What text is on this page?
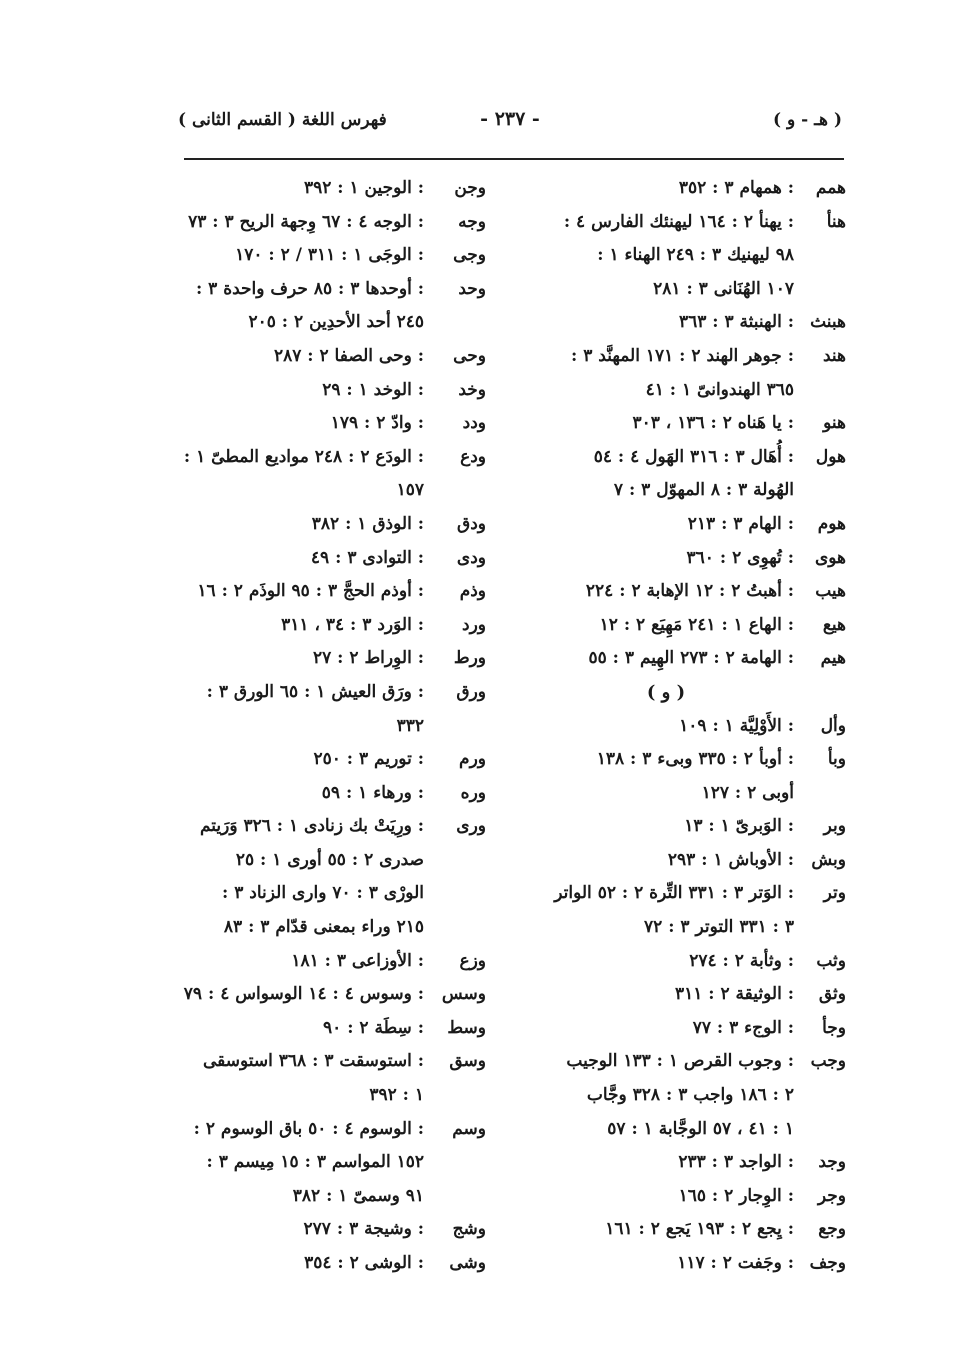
( هـ - و )
- ٢٣٧ -
فهرس اللغة ( القسم الثانى )
همم
: همهام ٣ : ٣٥٢
هنأ
: يهنأ ٢ : ١٦٤ ليهنئك الفارس ٤ :
٩٨ ليهنيك ٣ : ٢٤٩ الهناء ١ :
١٠٧ الهُنَانى ٣ : ٢٨١
هبنث
: الهنبثة ٣ : ٣٦٣
هند
: جوهر الهند ٢ : ١٧١ المهنَّد ٣ :
٣٦٥ الهندوانىّ ١ : ٤١
هنو
: يا هَناه ٢ : ١٣٦ ، ٣٠٣
هول
: أُهَال ٣ : ٣١٦ الهَول ٤ : ٥٤
الهُولة ٣ : ٨ المهوّل ٣ : ٧
هوم
: الهام ٣ : ٢١٣
هوى
: تُهوِى ٢ : ٣٦٠
هيب
: أهبتُ ٢ : ١٢ الإهابة ٢ : ٢٢٤
هيع
: الهاع ١ : ٢٤١ مَهِيَع ٢ : ١٢
هيم
: الهامة ٢ : ٢٧٣ الهِيم ٣ : ٥٥
( و )
وأل
: الأَوْلِيَّة ١ : ١٠٩
وبأ
: أوبأ ٢ : ٣٣٥ وبىء ٣ : ١٣٨
أوبى ٢ : ١٢٧
وبر
: الوَبرىّ ١ : ١٣
وبش
: الأوباش ١ : ٢٩٣
وتر
: الوَتر ٣ : ٣٣١ التِّرة ٢ : ٥٢ الواتر
٣ : ٣٣١ التوتر ٣ : ٧٢
وثب
: وثأبة ٢ : ٢٧٤
وثق
: الوثيقة ٢ : ٣١١
وجأ
: الوجء ٣ : ٧٧
وجب
: وجوب القرص ١ : ١٣٣ الوجيب
٢ : ١٨٦ واجب ٣ : ٣٢٨ وجَّاب
١ : ٤١ ، ٥٧ الوجَّابة ١ : ٥٧
وجد
: الواجد ٣ : ٢٣٣
وجر
: الوِجار ٢ : ١٦٥
وجع
: يِجع ٢ : ١٩٣ يَجع ٢ : ١٦١
وجف
: وجَفت ٢ : ١١٧
وجن
: الوجين ١ : ٣٩٢
وجه
: الوجه ٤ : ٦٧ وِجهة الريح ٣ : ٧٣
وجى
: الوجَى ١ : ٣١١ / ٢ : ١٧٠
وحد
: أوحدها ٣ : ٨٥ حرف واحدة ٣ :
٢٤٥ أحد الأحدِين ٢ : ٢٠٥
وحى
: وحى الصفا ٢ : ٢٨٧
وخد
: الوخد ١ : ٢٩
ودد
: وادّ ٢ : ١٧٩
ودع
: الودَع ٢ : ٢٤٨ مواديع المطىّ ١ :
١٥٧
ودق
: الوذق ١ : ٣٨٢
ودى
: التوادى ٣ : ٤٩
وذم
: أوذم الحجَّ ٣ : ٩٥ الوذَم ٢ : ١٦
ورد
: الوَرد ٣ : ٣٤ ، ٣١١
ورط
: الوِراط ٢ : ٢٧
ورق
: ورَق العيش ١ : ٦٥ الورق ٣ :
٣٣٢
ورم
: توريم ٣ : ٢٥٠
وره
: ورهاء ١ : ٥٩
ورى
: ورِيَتْ بك زنادى ١ : ٣٢٦ وَرَيتم
صدرى ٢ : ٥٥ أورى ١ : ٢٥
الورْى ٣ : ٧٠ وارى الزناد ٣ :
٢١٥ وراء بمعنى قدّام ٣ : ٨٣
وزع
: الأوزاعى ٣ : ١٨١
وسس
: وسوس ٤ : ١٤ الوسواس ٤ : ٧٩
وسط
: سِطَة ٢ : ٩٠
وسق
: استوسقت ٣ : ٣٦٨ استوسقى
١ : ٣٩٢
وسم
: الوسوم ٤ : ٥٠ باق الوسوم ٢ :
١٥٢ المواسم ٣ : ١٥ مِيسم ٣ :
٩١ وسمىّ ١ : ٣٨٢
وشج
: وشيجة ٣ : ٢٧٧
وشى
: الوشى ٢ : ٣٥٤
